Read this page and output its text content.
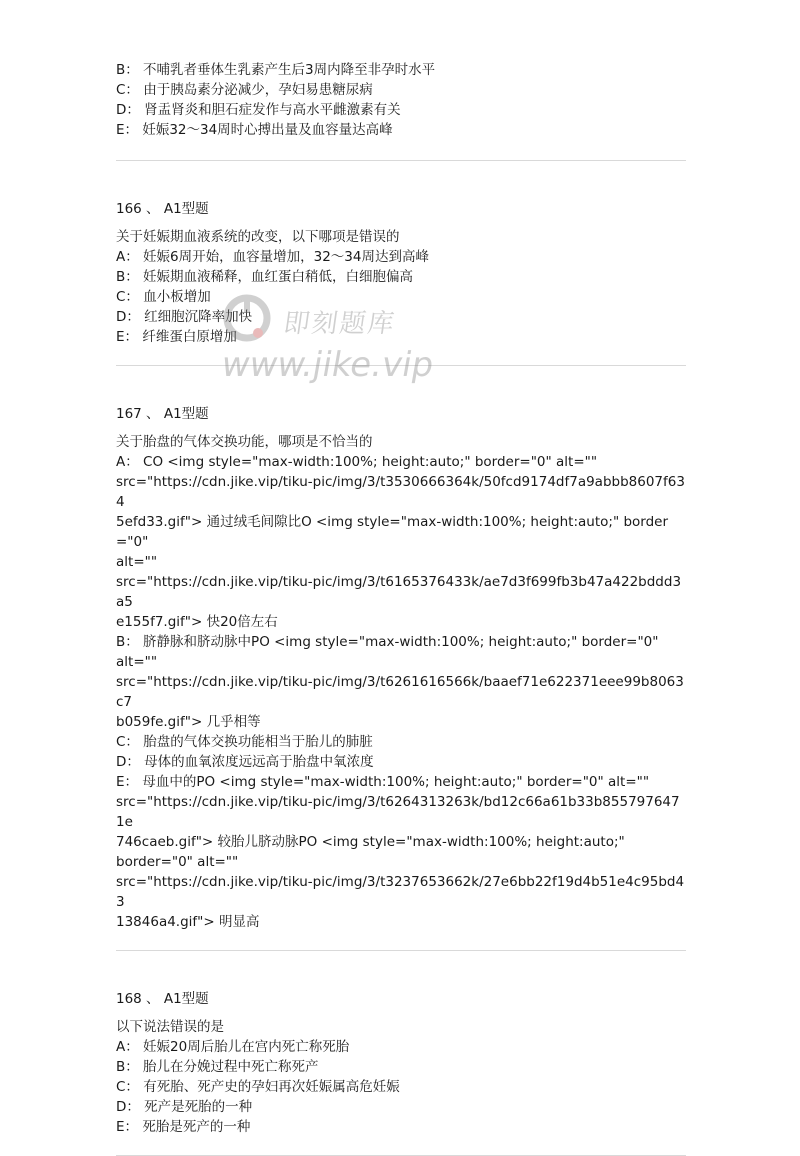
B： 不哺乳者垂体生乳素产生后3周内降至非孕时水平
C： 由于胰岛素分泌减少，孕妇易患糖尿病
D： 肾盂肾炎和胆石症发作与高水平雌激素有关
E： 妊娠32～34周时心搏出量及血容量达高峰
166 、 A1型题
关于妊娠期血液系统的改变，以下哪项是错误的
A： 妊娠6周开始，血容量增加，32～34周达到高峰
B： 妊娠期血液稀释，血红蛋白稍低，白细胞偏高
C： 血小板增加
D： 红细胞沉降率加快
E： 纤维蛋白原增加
167 、 A1型题
关于胎盘的气体交换功能，哪项是不恰当的
A： CO <img style="max-width:100%; height:auto;" border="0" alt=""
src="https://cdn.jike.vip/tiku-pic/img/3/t3530666364k/50fcd9174df7a9abbb8607f634
5efd33.gif"> 通过绒毛间隙比O <img style="max-width:100%; height:auto;" border="0"
alt=""
src="https://cdn.jike.vip/tiku-pic/img/3/t6165376433k/ae7d3f699fb3b47a422bddd3a5
e155f7.gif"> 快20倍左右
B： 脐静脉和脐动脉中PO <img style="max-width:100%; height:auto;" border="0"
alt=""
src="https://cdn.jike.vip/tiku-pic/img/3/t6261616566k/baaef71e622371eee99b8063c7
b059fe.gif"> 几乎相等
C： 胎盘的气体交换功能相当于胎儿的肺脏
D： 母体的血氧浓度远远高于胎盘中氧浓度
E： 母血中的PO <img style="max-width:100%; height:auto;" border="0" alt=""
src="https://cdn.jike.vip/tiku-pic/img/3/t6264313263k/bd12c66a61b33b8557976471e
746caeb.gif"> 较胎儿脐动脉PO <img style="max-width:100%; height:auto;"
border="0" alt=""
src="https://cdn.jike.vip/tiku-pic/img/3/t3237653662k/27e6bb22f19d4b51e4c95bd43
13846a4.gif"> 明显高
168 、 A1型题
以下说法错误的是
A： 妊娠20周后胎儿在宫内死亡称死胎
B： 胎儿在分娩过程中死亡称死产
C： 有死胎、死产史的孕妇再次妊娠属高危妊娠
D： 死产是死胎的一种
E： 死胎是死产的一种
即刻题库
www.jike.vip
